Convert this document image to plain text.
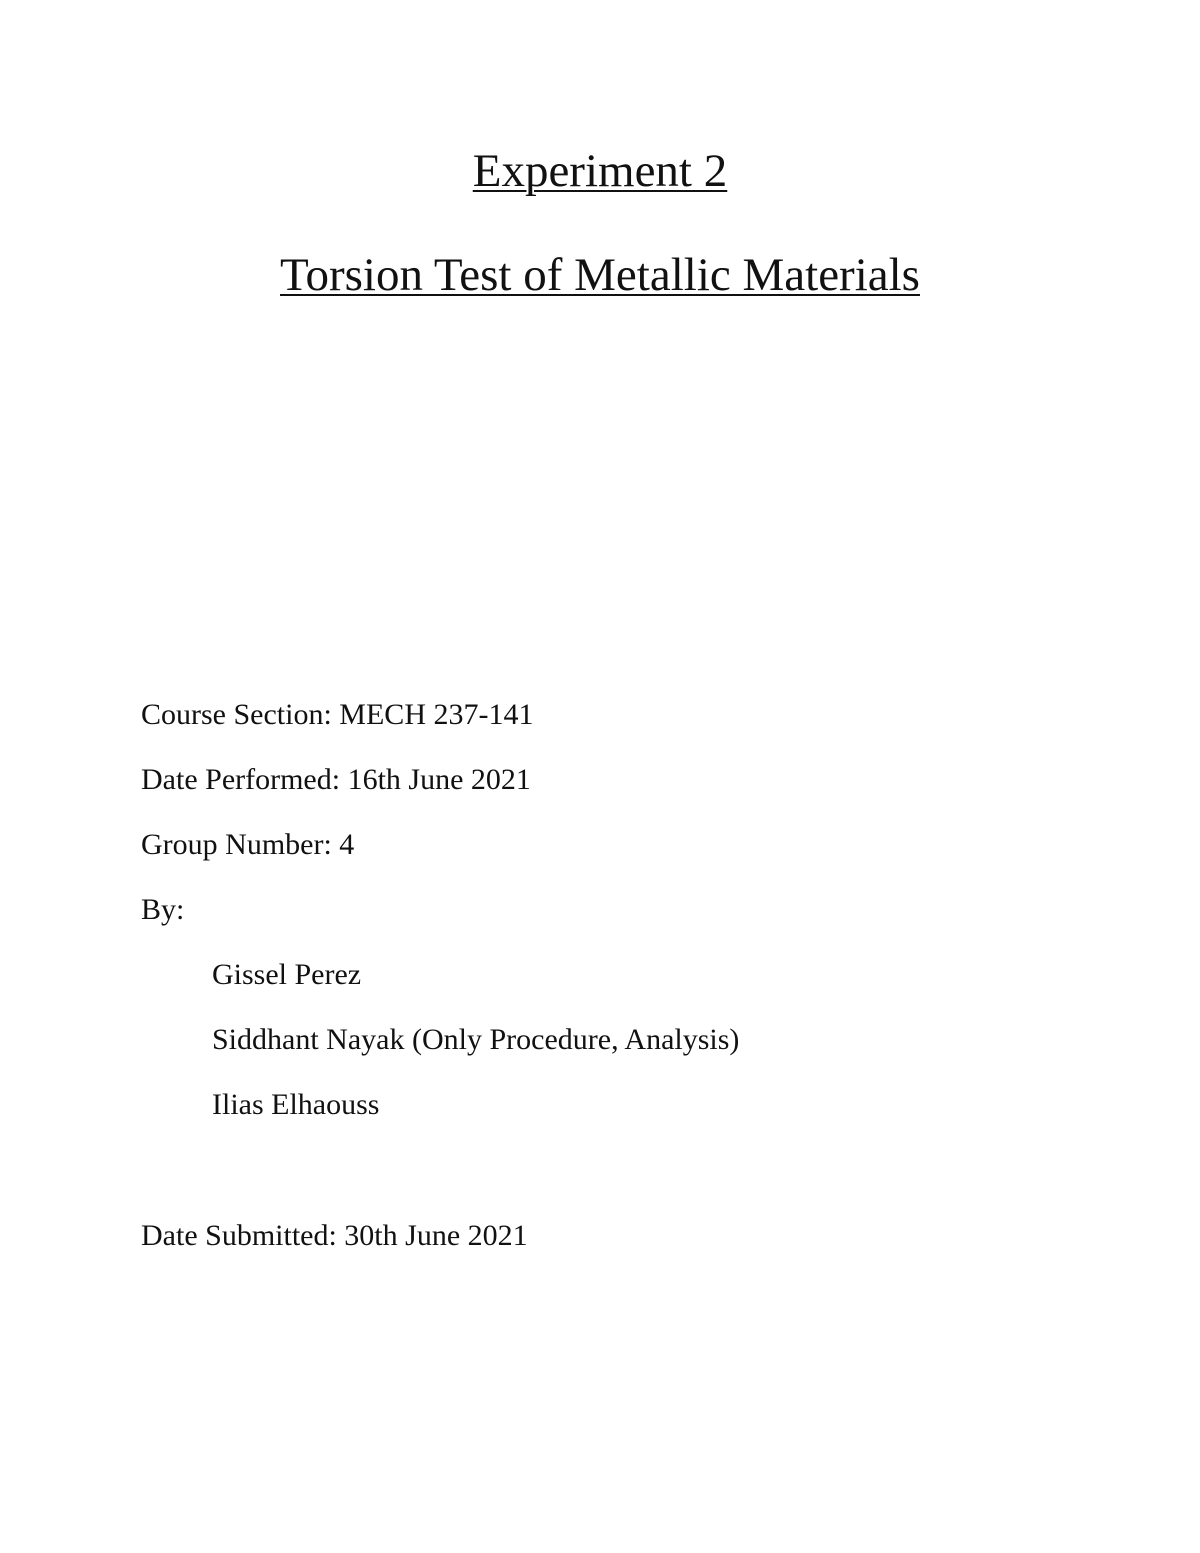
Experiment 2
Torsion Test of Metallic Materials

Course Section: MECH 237-141

Date Performed: 16th June 2021

Group Number: 4

By:

Gissel Perez

Siddhant Nayak (Only Procedure, Analysis)

Ilias Elhaouss

Date Submitted: 30th June 2021
